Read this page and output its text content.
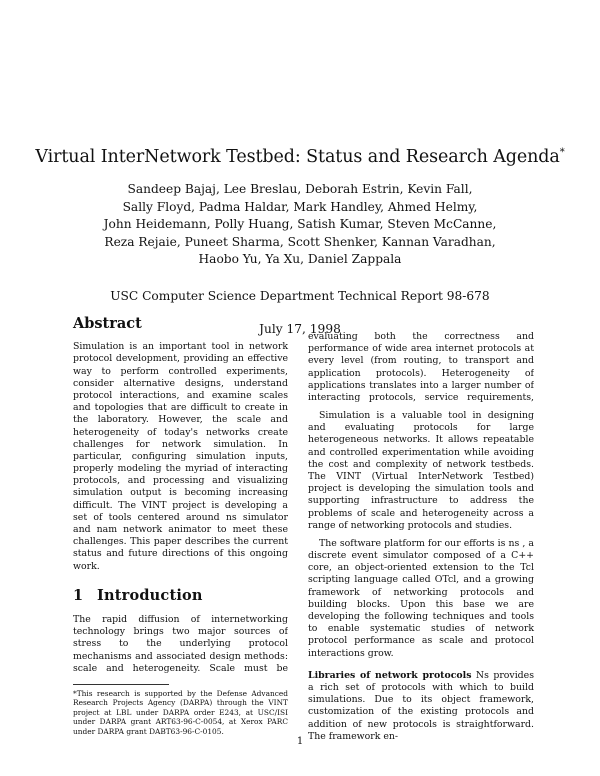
Virtual InterNetwork Testbed: Status and Research Agenda*
Sandeep Bajaj, Lee Breslau, Deborah Estrin, Kevin Fall,
Sally Floyd, Padma Haldar, Mark Handley, Ahmed Helmy,
John Heidemann, Polly Huang, Satish Kumar, Steven McCanne,
Reza Rejaie, Puneet Sharma, Scott Shenker, Kannan Varadhan,
Haobo Yu, Ya Xu, Daniel Zappala
USC Computer Science Department Technical Report 98-678
July 17, 1998
Abstract

Simulation is an important tool in network protocol development, providing an effective way to perform controlled experiments, consider alternative designs, understand protocol interactions, and examine scales and topologies that are difficult to create in the laboratory. However, the scale and heterogeneity of today's networks create challenges for network simulation. In particular, configuring simulation inputs, properly modeling the myriad of interacting protocols, and processing and visualizing simulation output is becoming increasing difficult. The VINT project is developing a set of tools centered around ns simulator and nam network animator to meet these challenges. This paper describes the current status and future directions of this ongoing work.

1 Introduction

The rapid diffusion of internetworking technology brings two major sources of stress to the underlying protocol mechanisms and associated design methods: scale and heterogeneity. Scale must be

*This research is supported by the Defense Advanced Research Projects Agency (DARPA) through the VINT project at LBL under DARPA order E243, at USC/ISI under DARPA grant ART63-96-C-0054, at Xerox PARC under DARPA grant DABT63-96-C-0105.

evaluating both the correctness and performance of wide area internet protocols at every level (from routing, to transport and application protocols). Heterogeneity of applications translates into a larger number of interacting protocols, service requirements,

Simulation is a valuable tool in designing and evaluating protocols for large heterogeneous networks. It allows repeatable and controlled experimentation while avoiding the cost and complexity of network testbeds. The VINT (Virtual InterNetwork Testbed) project is developing the simulation tools and supporting infrastructure to address the problems of scale and heterogeneity across a range of networking protocols and studies.

The software platform for our efforts is ns , a discrete event simulator composed of a C++ core, an object-oriented extension to the Tcl scripting language called OTcl, and a growing framework of networking protocols and building blocks. Upon this base we are developing the following techniques and tools to enable systematic studies of network protocol performance as scale and protocol interactions grow.

Libraries of network protocols Ns provides a rich set of protocols with which to build simulations. Due to its object framework, customization of the existing protocols and addition of new protocols is straightforward. The framework en-

1
